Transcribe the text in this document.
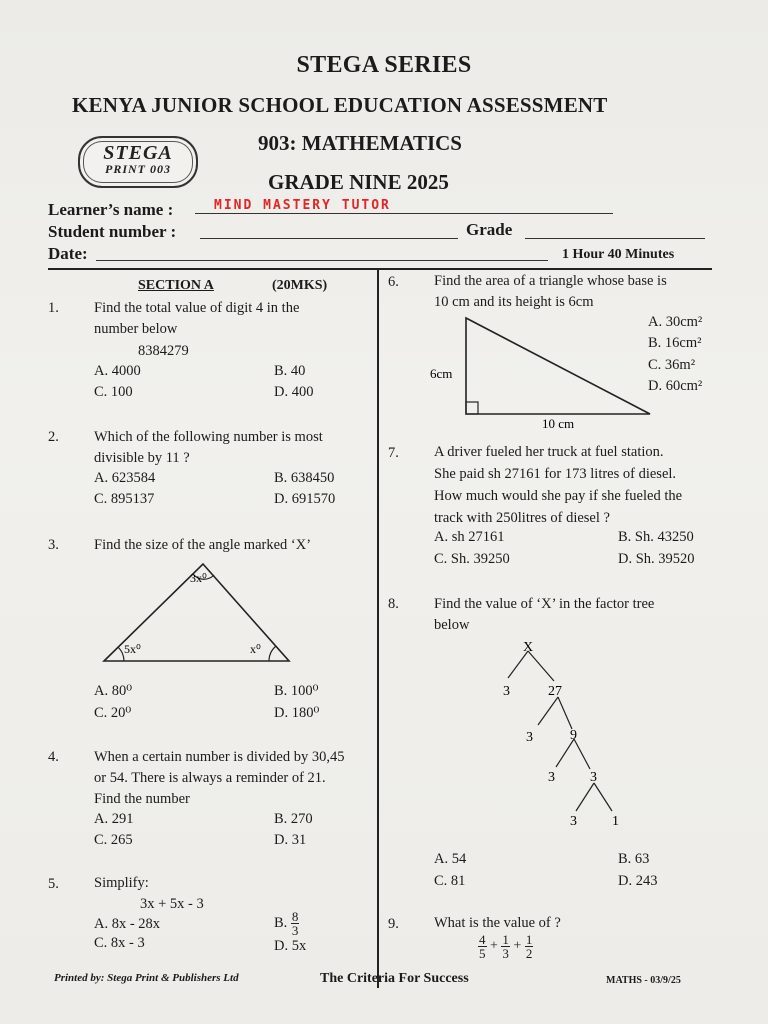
STEGA SERIES
KENYA JUNIOR SCHOOL EDUCATION ASSESSMENT
903: MATHEMATICS
GRADE NINE 2025
STEGA
PRINT 003
Learner’s name :	MIND MASTERY TUTOR
Student number :	Grade
Date:	1 Hour 40 Minutes
SECTION A	(20MKS)
1. Find the total value of digit 4 in the
number below
8384279
A. 4000	B. 40
C. 100	D. 400
2. Which of the following number is most
divisible by 11 ?
A. 623584	B. 638450
C. 895137	D. 691570
3. Find the size of the angle marked ‘X’
3x⁰
5x⁰	x⁰
A. 80⁰	B. 100⁰
C. 20⁰	D. 180⁰
4. When a certain number is divided by 30,45
or 54. There is always a reminder of 21.
Find the number
A. 291	B. 270
C. 265	D. 31
5. Simplify:
3x + 5x - 3
A. 8x - 28x	B. $\frac{8}{3}$
C. 8x - 3	D. 5x
6. Find the area of a triangle whose base is
10 cm and its height is 6cm
6cm
10 cm
A. 30cm²
B. 16cm²
C. 36m²
D. 60cm²
7. A driver fueled her truck at fuel station.
She paid sh 27161 for 173 litres of diesel.
How much would she pay if she fueled the
track with 250litres of diesel ?
A. sh 27161	B. Sh. 43250
C. Sh. 39250	D. Sh. 39520
8. Find the value of ‘X’ in the factor tree
below
X
3	27
3	9
3	3
3	1
A. 54	B. 63
C. 81	D. 243
9. What is the value of ?
$\frac{4}{5} + \frac{1}{3} + \frac{1}{2}$
Printed by: Stega Print & Publishers Ltd	The Criteria For Success	MATHS - 03/9/25
